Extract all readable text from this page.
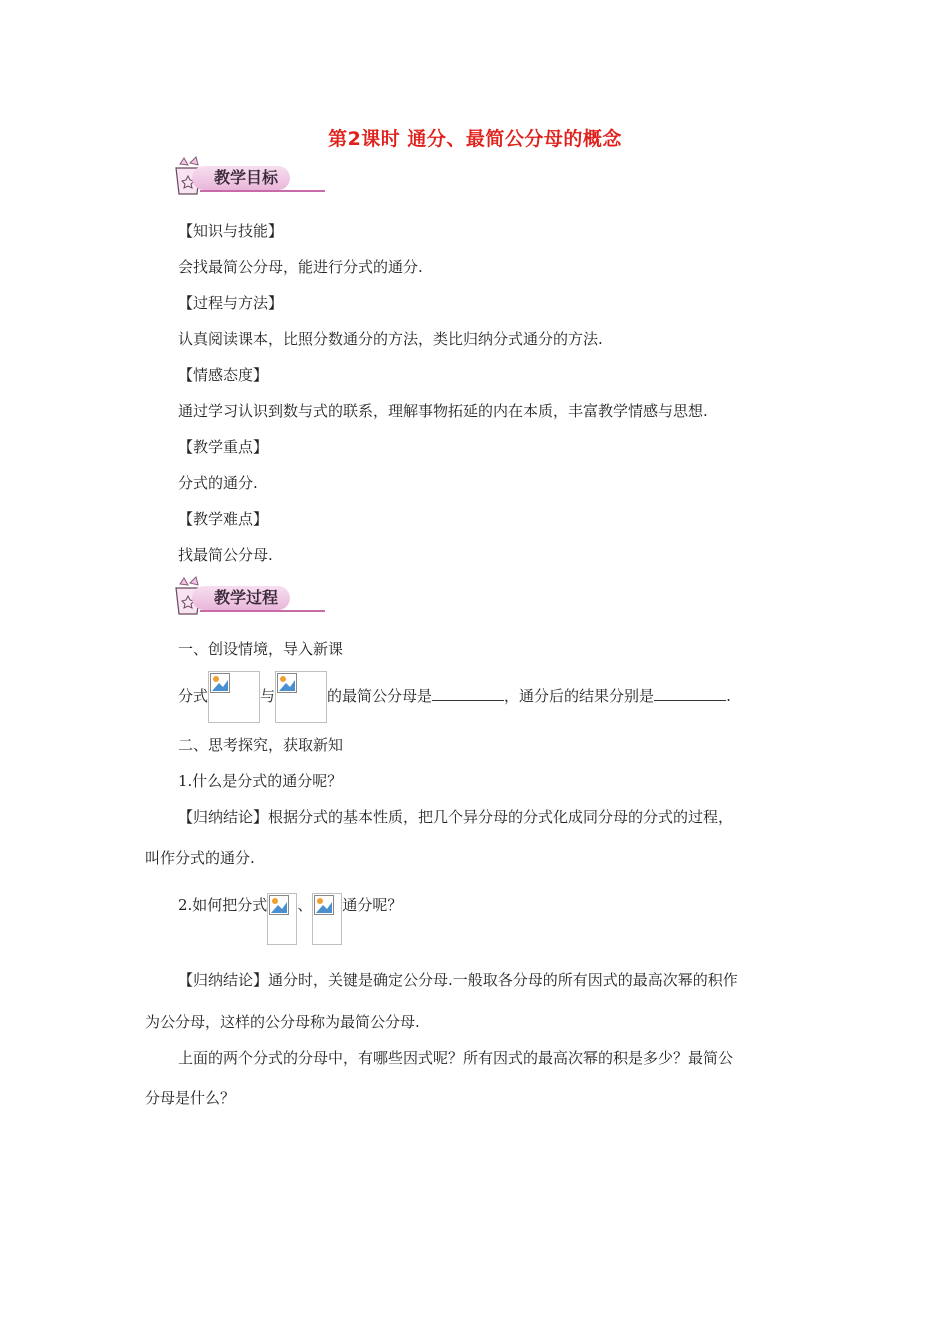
第2课时 通分、最简公分母的概念
教学目标
【知识与技能】
会找最简公分母，能进行分式的通分.
【过程与方法】
认真阅读课本，比照分数通分的方法，类比归纳分式通分的方法.
【情感态度】
通过学习认识到数与式的联系，理解事物拓延的内在本质，丰富教学情感与思想.
【教学重点】
分式的通分.
【教学难点】
找最简公分母.
教学过程
一、创设情境，导入新课
分式	与	的最简公分母是	，通分后的结果分别是	.
二、思考探究，获取新知
1.什么是分式的通分呢？
【归纳结论】根据分式的基本性质，把几个异分母的分式化成同分母的分式的过程，
叫作分式的通分.
2.如何把分式 、 通分呢？
【归纳结论】通分时，关键是确定公分母.一般取各分母的所有因式的最高次幂的积作
为公分母，这样的公分母称为最简公分母.
上面的两个分式的分母中，有哪些因式呢？所有因式的最高次幂的积是多少？最简公
分母是什么？
